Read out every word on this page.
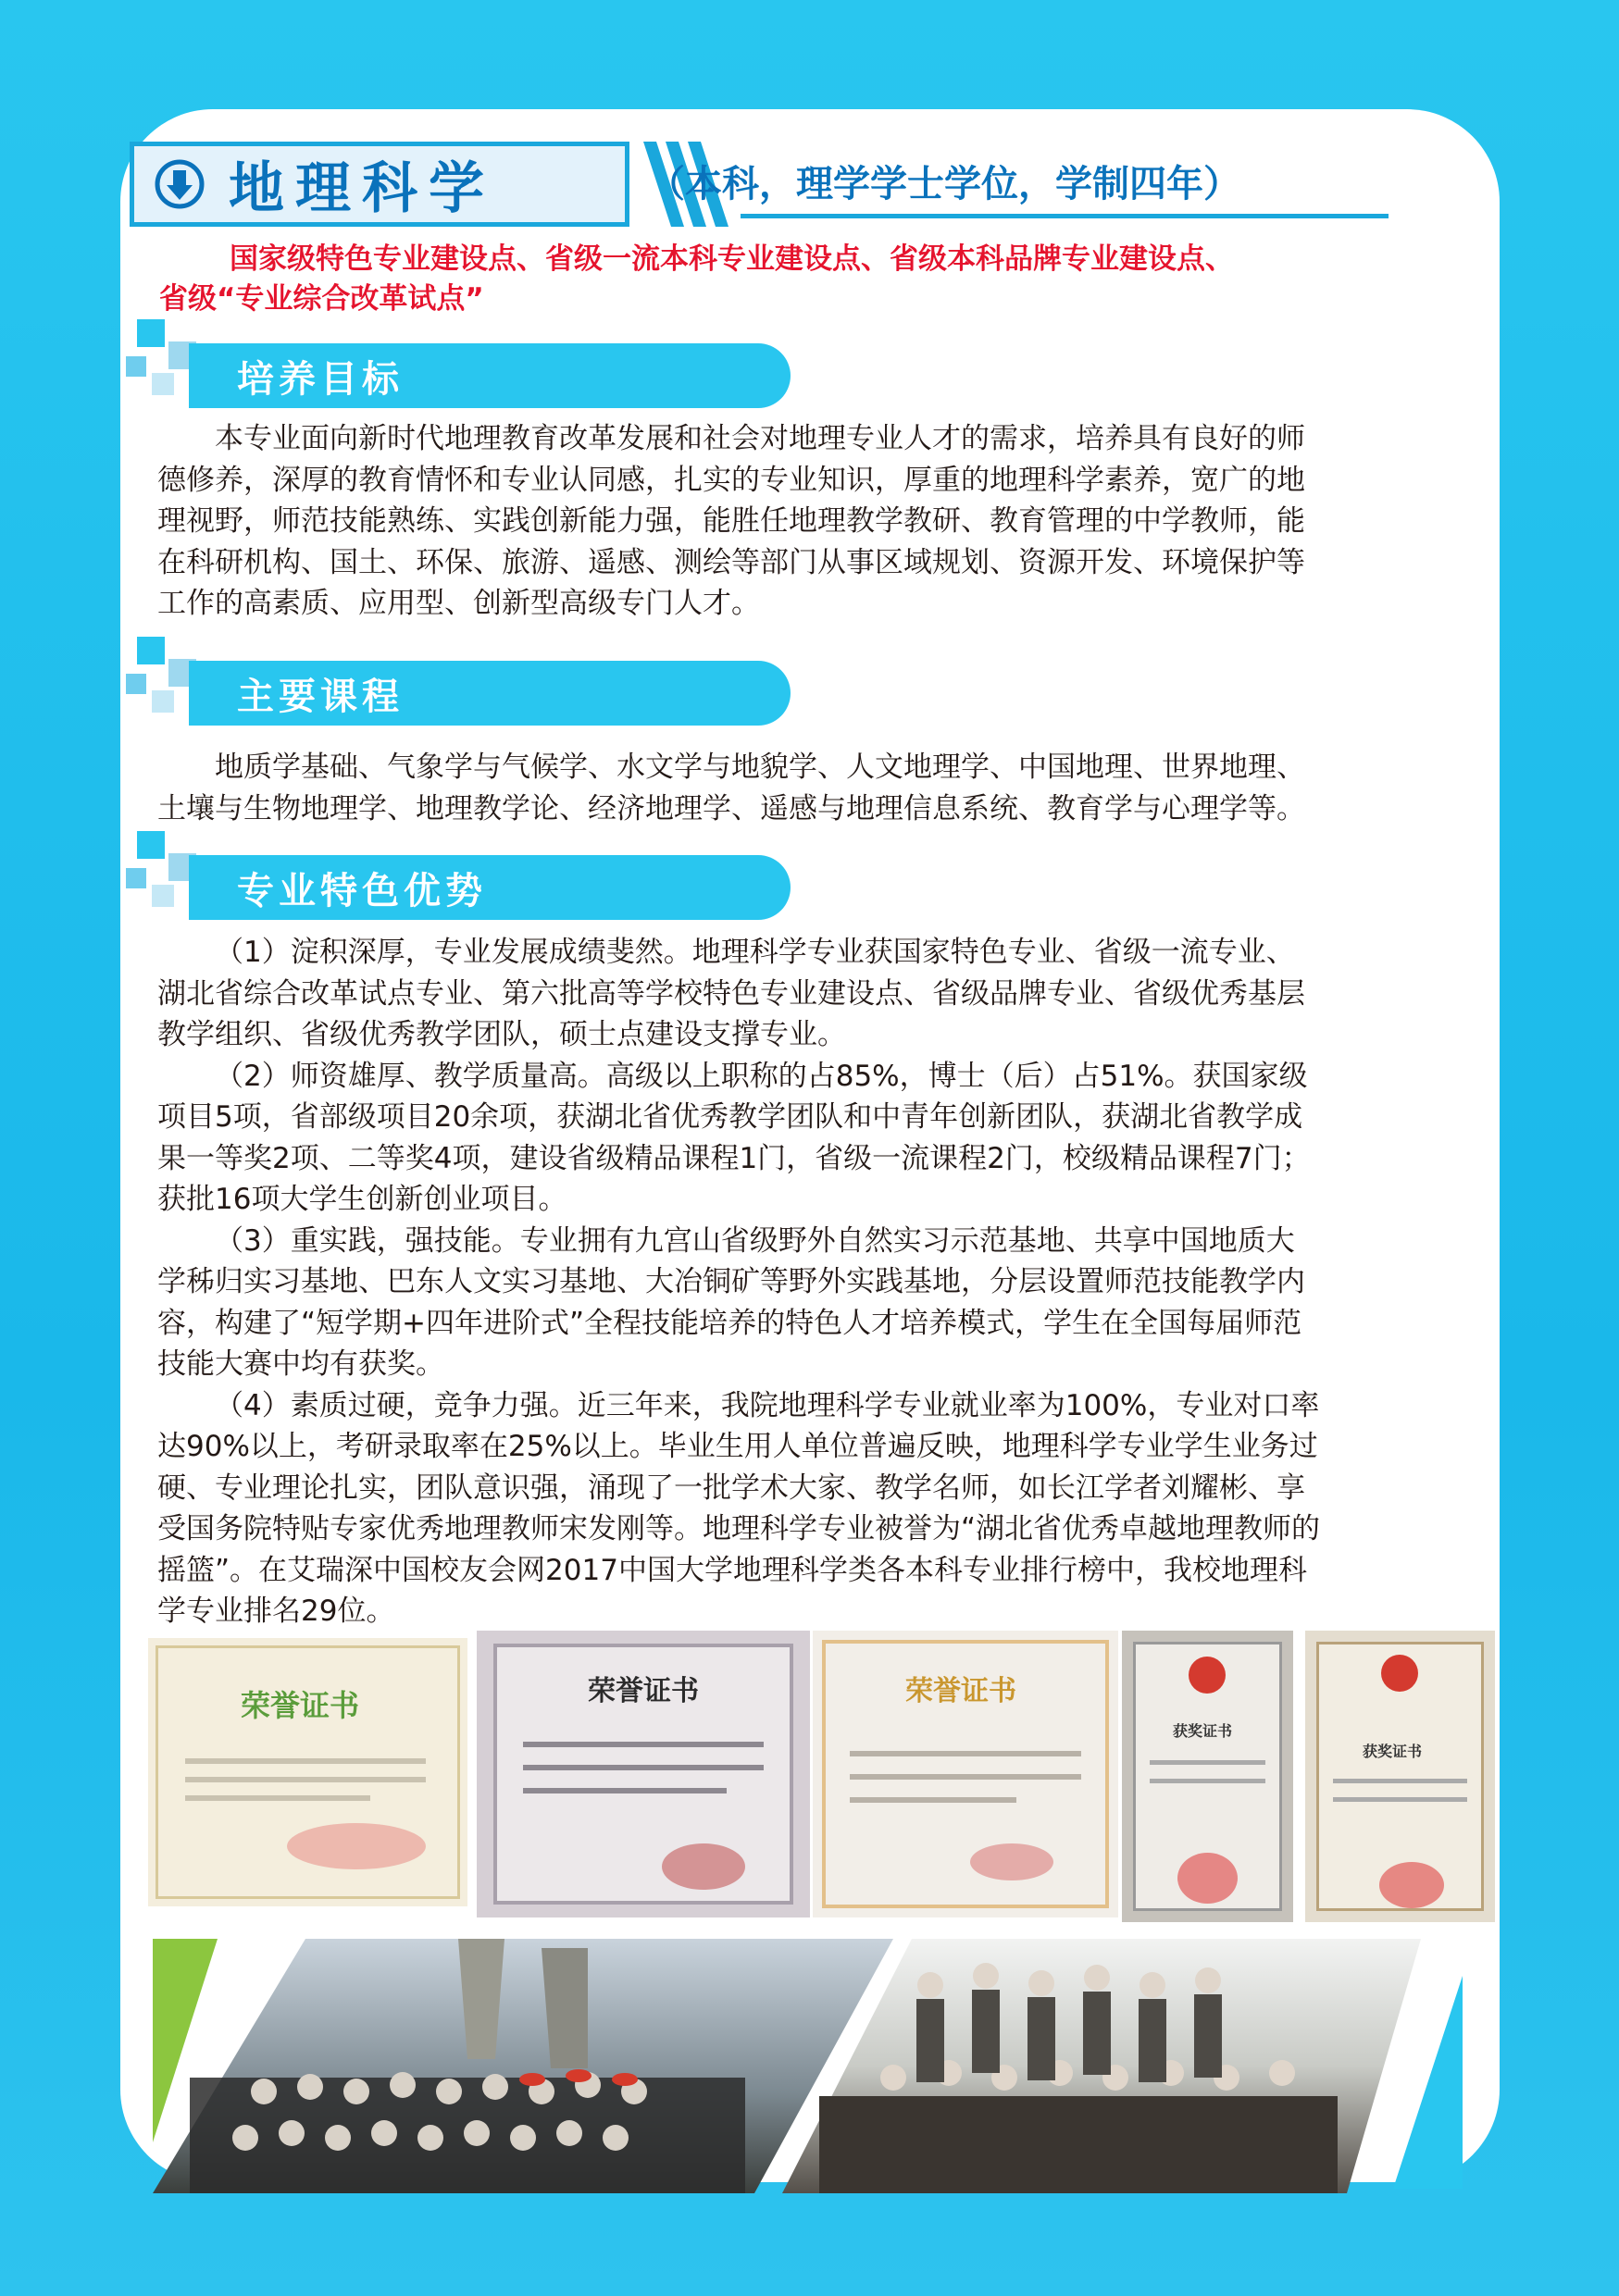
地理科学	（本科，理学学士学位，学制四年）
国家级特色专业建设点、省级一流本科专业建设点、省级本科品牌专业建设点、
省级“专业综合改革试点”
培养目标

本专业面向新时代地理教育改革发展和社会对地理专业人才的需求，培养具有良好的师

德修养，深厚的教育情怀和专业认同感，扎实的专业知识，厚重的地理科学素养，宽广的地
理视野，师范技能熟练、实践创新能力强，能胜任地理教学教研、教育管理的中学教师，能
在科研机构、国土、环保、旅游、遥感、测绘等部门从事区域规划、资源开发、环境保护等
工作的高素质、应用型、创新型高级专门人才。
主要课程

地质学基础、气象学与气候学、水文学与地貌学、人文地理学、中国地理、世界地理、

土壤与生物地理学、地理教学论、经济地理学、遥感与地理信息系统、教育学与心理学等。
专业特色优势

（1）淀积深厚，专业发展成绩斐然。地理科学专业获国家特色专业、省级一流专业、

湖北省综合改革试点专业、第六批高等学校特色专业建设点、省级品牌专业、省级优秀基层
教学组织、省级优秀教学团队，硕士点建设支撑专业。

（2）师资雄厚、教学质量高。高级以上职称的占85%，博士（后）占51%。获国家级

项目5项，省部级项目20余项，获湖北省优秀教学团队和中青年创新团队，获湖北省教学成
果一等奖2项、二等奖4项，建设省级精品课程1门，省级一流课程2门，校级精品课程7门；
获批16项大学生创新创业项目。

（3）重实践，强技能。专业拥有九宫山省级野外自然实习示范基地、共享中国地质大

学秭归实习基地、巴东人文实习基地、大冶铜矿等野外实践基地，分层设置师范技能教学内
容，构建了“短学期+四年进阶式”全程技能培养的特色人才培养模式，学生在全国每届师范
技能大赛中均有获奖。

（4）素质过硬，竞争力强。近三年来，我院地理科学专业就业率为100%，专业对口率

达90%以上，考研录取率在25%以上。毕业生用人单位普遍反映，地理科学专业学生业务过
硬、专业理论扎实，团队意识强，涌现了一批学术大家、教学名师，如长江学者刘耀彬、享
受国务院特贴专家优秀地理教师宋发刚等。地理科学专业被誉为“湖北省优秀卓越地理教师的
摇篮”。在艾瑞深中国校友会网2017中国大学地理科学类各本科专业排行榜中，我校地理科
学专业排名29位。
荣誉证书	荣誉证书	荣誉证书
获奖证书
获奖证书
